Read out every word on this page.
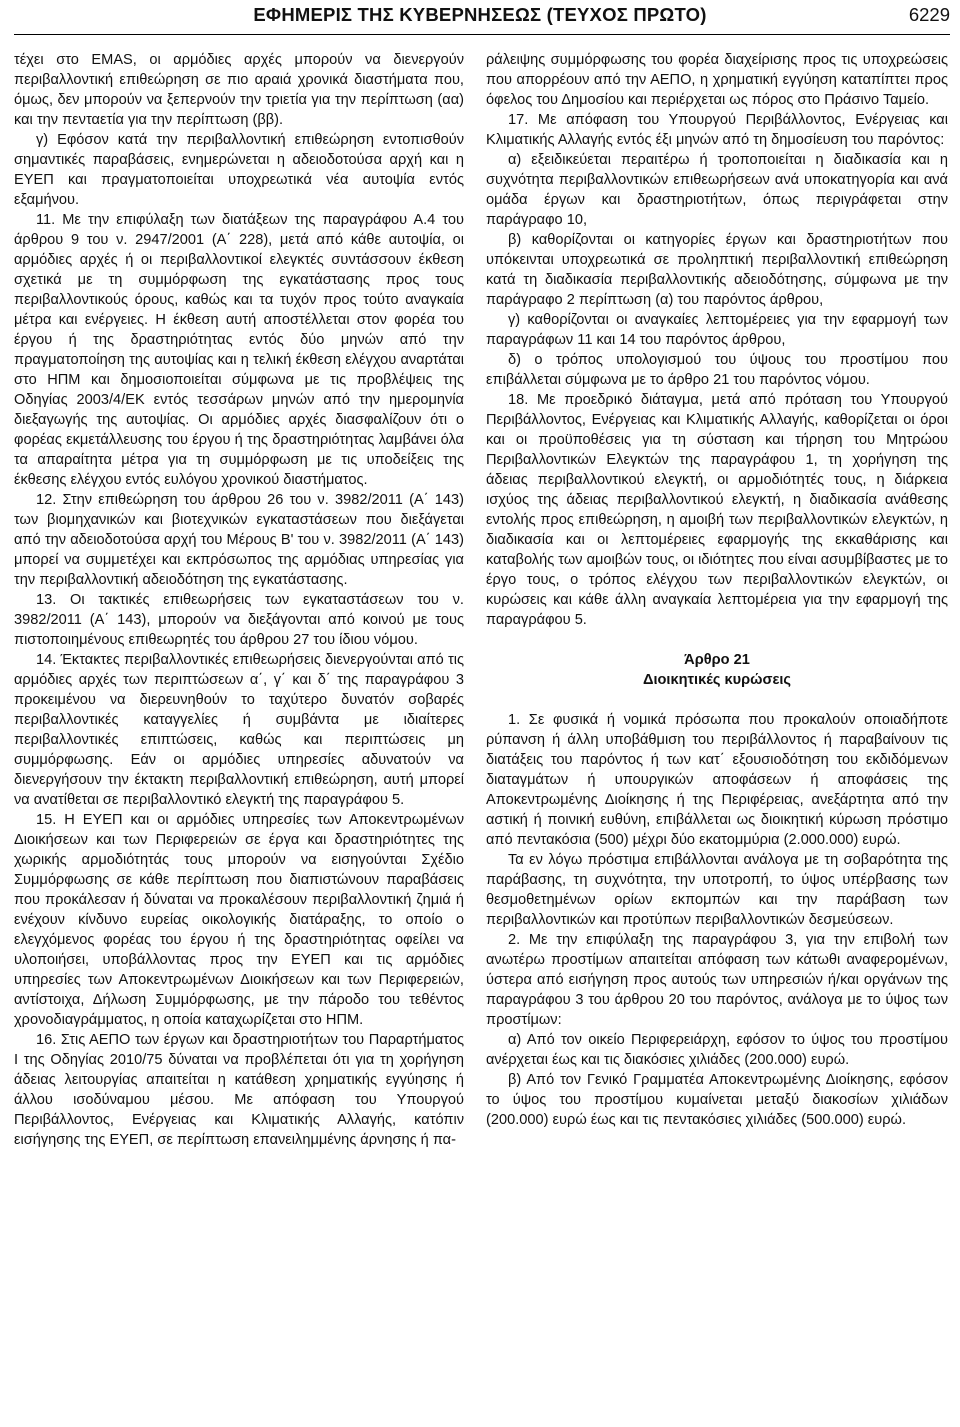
ΕΦΗΜΕΡΙΣ ΤΗΣ ΚΥΒΕΡΝΗΣΕΩΣ (ΤΕΥΧΟΣ ΠΡΩΤΟ)	6229

τέχει στο EMAS, οι αρμόδιες αρχές μπορούν να διενεργούν περιβαλλοντική επιθεώρηση σε πιο αραιά χρονικά διαστήματα που, όμως, δεν μπορούν να ξεπερνούν την τριετία για την περίπτωση (αα) και την πενταετία για την περίπτωση (ββ).

γ) Εφόσον κατά την περιβαλλοντική επιθεώρηση εντοπισθούν σημαντικές παραβάσεις, ενημερώνεται η αδειοδοτούσα αρχή και η ΕΥΕΠ και πραγματοποιείται υποχρεωτικά νέα αυτοψία εντός εξαμήνου.

11. Με την επιφύλαξη των διατάξεων της παραγράφου Α.4 του άρθρου 9 του ν. 2947/2001 (Α΄ 228), μετά από κάθε αυτοψία, οι αρμόδιες αρχές ή οι περιβαλλοντικοί ελεγκτές συντάσσουν έκθεση σχετικά με τη συμμόρφωση της εγκατάστασης προς τους περιβαλλοντικούς όρους, καθώς και τα τυχόν προς τούτο αναγκαία μέτρα και ενέργειες. Η έκθεση αυτή αποστέλλεται στον φορέα του έργου ή της δραστηριότητας εντός δύο μηνών από την πραγματοποίηση της αυτοψίας και η τελική έκθεση ελέγχου αναρτάται στο ΗΠΜ και δημοσιοποιείται σύμφωνα με τις προβλέψεις της Οδηγίας 2003/4/ΕΚ εντός τεσσάρων μηνών από την ημερομηνία διεξαγωγής της αυτοψίας. Οι αρμόδιες αρχές διασφαλίζουν ότι ο φορέας εκμετάλλευσης του έργου ή της δραστηριότητας λαμβάνει όλα τα απαραίτητα μέτρα για τη συμμόρφωση με τις υποδείξεις της έκθεσης ελέγχου εντός ευλόγου χρονικού διαστήματος.

12. Στην επιθεώρηση του άρθρου 26 του ν. 3982/2011 (Α΄ 143) των βιομηχανικών και βιοτεχνικών εγκαταστάσεων που διεξάγεται από την αδειοδοτούσα αρχή του Μέρους Β' του ν. 3982/2011 (Α΄ 143) μπορεί να συμμετέχει και εκπρόσωπος της αρμόδιας υπηρεσίας για την περιβαλλοντική αδειοδότηση της εγκατάστασης.

13. Οι τακτικές επιθεωρήσεις των εγκαταστάσεων του ν. 3982/2011 (Α΄ 143), μπορούν να διεξάγονται από κοινού με τους πιστοποιημένους επιθεωρητές του άρθρου 27 του ίδιου νόμου.

14. Έκτακτες περιβαλλοντικές επιθεωρήσεις διενεργούνται από τις αρμόδιες αρχές των περιπτώσεων α΄, γ΄ και δ΄ της παραγράφου 3 προκειμένου να διερευνηθούν το ταχύτερο δυνατόν σοβαρές περιβαλλοντικές καταγγελίες ή συμβάντα με ιδιαίτερες περιβαλλοντικές επιπτώσεις, καθώς και περιπτώσεις μη συμμόρφωσης. Εάν οι αρμόδιες υπηρεσίες αδυνατούν να διενεργήσουν την έκτακτη περιβαλλοντική επιθεώρηση, αυτή μπορεί να ανατίθεται σε περιβαλλοντικό ελεγκτή της παραγράφου 5.

15. Η ΕΥΕΠ και οι αρμόδιες υπηρεσίες των Αποκεντρωμένων Διοικήσεων και των Περιφερειών σε έργα και δραστηριότητες της χωρικής αρμοδιότητάς τους μπορούν να εισηγούνται Σχέδιο Συμμόρφωσης σε κάθε περίπτωση που διαπιστώνουν παραβάσεις που προκάλεσαν ή δύναται να προκαλέσουν περιβαλλοντική ζημιά ή ενέχουν κίνδυνο ευρείας οικολογικής διατάραξης, το οποίο ο ελεγχόμενος φορέας του έργου ή της δραστηριότητας οφείλει να υλοποιήσει, υποβάλλοντας προς την ΕΥΕΠ και τις αρμόδιες υπηρεσίες των Αποκεντρωμένων Διοικήσεων και των Περιφερειών, αντίστοιχα, Δήλωση Συμμόρφωσης, με την πάροδο του τεθέντος χρονοδιαγράμματος, η οποία καταχωρίζεται στο ΗΠΜ.

16. Στις ΑΕΠΟ των έργων και δραστηριοτήτων του Παραρτήματος Ι της Οδηγίας 2010/75 δύναται να προβλέπεται ότι για τη χορήγηση άδειας λειτουργίας απαιτείται η κατάθεση χρηματικής εγγύησης ή άλλου ισοδύναμου μέσου. Με απόφαση του Υπουργού Περιβάλλοντος, Ενέργειας και Κλιματικής Αλλαγής, κατόπιν εισήγησης της ΕΥΕΠ, σε περίπτωση επανειλημμένης άρνησης ή πα-

ράλειψης συμμόρφωσης του φορέα διαχείρισης προς τις υποχρεώσεις που απορρέουν από την ΑΕΠΟ, η χρηματική εγγύηση καταπίπτει προς όφελος του Δημοσίου και περιέρχεται ως πόρος στο Πράσινο Ταμείο.

17. Με απόφαση του Υπουργού Περιβάλλοντος, Ενέργειας και Κλιματικής Αλλαγής εντός έξι μηνών από τη δημοσίευση του παρόντος:

α) εξειδικεύεται περαιτέρω ή τροποποιείται η διαδικασία και η συχνότητα περιβαλλοντικών επιθεωρήσεων ανά υποκατηγορία και ανά ομάδα έργων και δραστηριοτήτων, όπως περιγράφεται στην παράγραφο 10,

β) καθορίζονται οι κατηγορίες έργων και δραστηριοτήτων που υπόκεινται υποχρεωτικά σε προληπτική περιβαλλοντική επιθεώρηση κατά τη διαδικασία περιβαλλοντικής αδειοδότησης, σύμφωνα με την παράγραφο 2 περίπτωση (α) του παρόντος άρθρου,

γ) καθορίζονται οι αναγκαίες λεπτομέρειες για την εφαρμογή των παραγράφων 11 και 14 του παρόντος άρθρου,

δ) ο τρόπος υπολογισμού του ύψους του προστίμου που επιβάλλεται σύμφωνα με το άρθρο 21 του παρόντος νόμου.

18. Με προεδρικό διάταγμα, μετά από πρόταση του Υπουργού Περιβάλλοντος, Ενέργειας και Κλιματικής Αλλαγής, καθορίζεται οι όροι και οι προϋποθέσεις για τη σύσταση και τήρηση του Μητρώου Περιβαλλοντικών Ελεγκτών της παραγράφου 1, τη χορήγηση της άδειας περιβαλλοντικού ελεγκτή, οι αρμοδιότητές τους, η διάρκεια ισχύος της άδειας περιβαλλοντικού ελεγκτή, η διαδικασία ανάθεσης εντολής προς επιθεώρηση, η αμοιβή των περιβαλλοντικών ελεγκτών, η διαδικασία και οι λεπτομέρειες εφαρμογής της εκκαθάρισης και καταβολής των αμοιβών τους, οι ιδιότητες που είναι ασυμβίβαστες με το έργο τους, ο τρόπος ελέγχου των περιβαλλοντικών ελεγκτών, οι κυρώσεις και κάθε άλλη αναγκαία λεπτομέρεια για την εφαρμογή της παραγράφου 5.

Άρθρο 21

Διοικητικές κυρώσεις

1. Σε φυσικά ή νομικά πρόσωπα που προκαλούν οποιαδήποτε ρύπανση ή άλλη υποβάθμιση του περιβάλλοντος ή παραβαίνουν τις διατάξεις του παρόντος ή των κατ΄ εξουσιοδότηση του εκδιδόμενων διαταγμάτων ή υπουργικών αποφάσεων ή αποφάσεις της Αποκεντρωμένης Διοίκησης ή της Περιφέρειας, ανεξάρτητα από την αστική ή ποινική ευθύνη, επιβάλλεται ως διοικητική κύρωση πρόστιμο από πεντακόσια (500) μέχρι δύο εκατομμύρια (2.000.000) ευρώ.

Τα εν λόγω πρόστιμα επιβάλλονται ανάλογα με τη σοβαρότητα της παράβασης, τη συχνότητα, την υποτροπή, το ύψος υπέρβασης των θεσμοθετημένων ορίων εκπομπών και την παράβαση των περιβαλλοντικών και προτύπων περιβαλλοντικών δεσμεύσεων.

2. Με την επιφύλαξη της παραγράφου 3, για την επιβολή των ανωτέρω προστίμων απαιτείται απόφαση των κάτωθι αναφερομένων, ύστερα από εισήγηση προς αυτούς των υπηρεσιών ή/και οργάνων της παραγράφου 3 του άρθρου 20 του παρόντος, ανάλογα με το ύψος των προστίμων:

α) Από τον οικείο Περιφερειάρχη, εφόσον το ύψος του προστίμου ανέρχεται έως και τις διακόσιες χιλιάδες (200.000) ευρώ.

β) Από τον Γενικό Γραμματέα Αποκεντρωμένης Διοίκησης, εφόσον το ύψος του προστίμου κυμαίνεται μεταξύ διακοσίων χιλιάδων (200.000) ευρώ έως και τις πεντακόσιες χιλιάδες (500.000) ευρώ.
